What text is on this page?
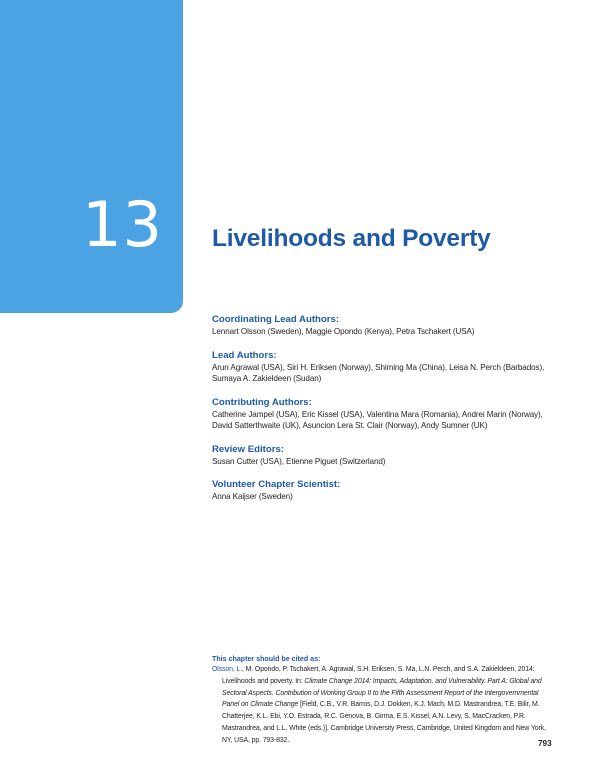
13 Livelihoods and Poverty
Coordinating Lead Authors:
Lennart Olsson (Sweden), Maggie Opondo (Kenya), Petra Tschakert (USA)
Lead Authors:
Arun Agrawal (USA), Siri H. Eriksen (Norway), Shiming Ma (China), Leisa N. Perch (Barbados),
Sumaya A. Zakieldeen (Sudan)
Contributing Authors:
Catherine Jampel (USA), Eric Kissel (USA), Valentina Mara (Romania), Andrei Marin (Norway),
David Satterthwaite (UK), Asuncion Lera St. Clair (Norway), Andy Sumner (UK)
Review Editors:
Susan Cutter (USA), Etienne Piguet (Switzerland)
Volunteer Chapter Scientist:
Anna Kaijser (Sweden)
This chapter should be cited as:
Olsson, L., M. Opondo, P. Tschakert, A. Agrawal, S.H. Eriksen, S. Ma, L.N. Perch, and S.A. Zakieldeen, 2014: Livelihoods and poverty. In: Climate Change 2014: Impacts, Adaptation, and Vulnerability. Part A: Global and Sectoral Aspects. Contribution of Working Group II to the Fifth Assessment Report of the Intergovernmental Panel on Climate Change [Field, C.B., V.R. Barros, D.J. Dokken, K.J. Mach, M.D. Mastrandrea, T.E. Bilir, M. Chatterjee, K.L. Ebi, Y.O. Estrada, R.C. Genova, B. Girma, E.S. Kissel, A.N. Levy, S. MacCracken, P.R. Mastrandrea, and L.L. White (eds.)]. Cambridge University Press, Cambridge, United Kingdom and New York, NY, USA, pp. 793-832.	793
